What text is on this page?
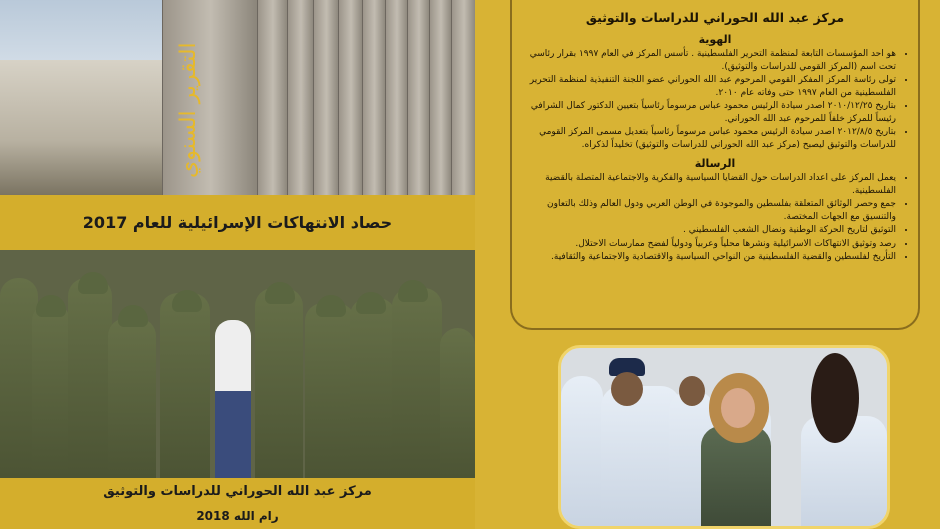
التقرير السنوي
حصاد الانتهاكات الإسرائيلية للعام 2017
مركز عبد الله الحوراني للدراسات والتوثيق
رام الله 2018
مركز عبد الله الحوراني للدراسات والتوثيق
الهوية
• هو احد المؤسسات التابعة لمنظمة التحرير الفلسطينية . تأسس المركز في العام ١٩٩٧ بقرار رئاسي تحت اسم (المركز القومي للدراسات والتوثيق).
• تولى رئاسة المركز المفكر القومي المرحوم عبد الله الحوراني عضو اللجنة التنفيذية لمنظمة التحرير الفلسطينية من العام ١٩٩٧ حتى وفاته عام ٢٠١٠.
• بتاريخ ٢٠١٠/١٢/٢٥ اصدر سيادة الرئيس محمود عباس مرسوماً رئاسياً بتعيين الدكتور كمال الشرافي رئيساً للمركز خلفاً للمرحوم عبد الله الحوراني.
• بتاريخ ٢٠١٢/٨/٥ اصدر سيادة الرئيس محمود عباس مرسوماً رئاسياً بتعديل مسمى المركز القومي للدراسات والتوثيق ليصبح (مركز عبد الله الحوراني للدراسات والتوثيق) تخليداً لذكراه.
الرسالة
• يعمل المركز على اعداد الدراسات حول القضايا السياسية والفكرية والاجتماعية المتصلة بالقضية الفلسطينية.
• جمع وحصر الوثائق المتعلقة بفلسطين والموجودة في الوطن العربي ودول العالم وذلك بالتعاون والتنسيق مع الجهات المختصة.
• التوثيق لتاريخ الحركة الوطنية ونضال الشعب الفلسطيني .
• رصد وتوثيق الانتهاكات الاسرائيلية ونشرها محلياً وعربياً ودولياً لفضح ممارسات الاحتلال.
• التأريخ لفلسطين والقضية الفلسطينية من النواحي السياسية والاقتصادية والاجتماعية والثقافية.
